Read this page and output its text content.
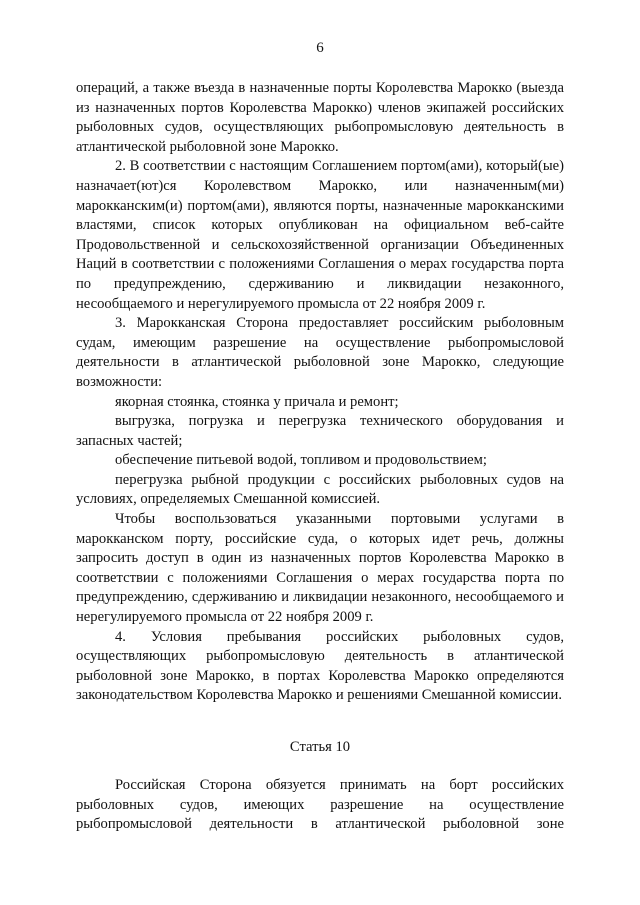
6

операций, а также въезда в назначенные порты Королевства Марокко (выезда из назначенных портов Королевства Марокко) членов экипажей российских рыболовных судов, осуществляющих рыбопромысловую деятельность в атлантической рыболовной зоне Марокко.

2. В соответствии с настоящим Соглашением портом(ами), который(ые) назначает(ют)ся Королевством Марокко, или назначенным(ми) марокканским(и) портом(ами), являются порты, назначенные марокканскими властями, список которых опубликован на официальном веб-сайте Продовольственной и сельскохозяйственной организации Объединенных Наций в соответствии с положениями Соглашения о мерах государства порта по предупреждению, сдерживанию и ликвидации незаконного, несообщаемого и нерегулируемого промысла от 22 ноября 2009 г.

3. Марокканская Сторона предоставляет российским рыболовным судам, имеющим разрешение на осуществление рыбопромысловой деятельности в атлантической рыболовной зоне Марокко, следующие возможности:

якорная стоянка, стоянка у причала и ремонт;

выгрузка, погрузка и перегрузка технического оборудования и запасных частей;

обеспечение питьевой водой, топливом и продовольствием;

перегрузка рыбной продукции с российских рыболовных судов на условиях, определяемых Смешанной комиссией.

Чтобы воспользоваться указанными портовыми услугами в марокканском порту, российские суда, о которых идет речь, должны запросить доступ в один из назначенных портов Королевства Марокко в соответствии с положениями Соглашения о мерах государства порта по предупреждению, сдерживанию и ликвидации незаконного, несообщаемого и нерегулируемого промысла от 22 ноября 2009 г.

4. Условия пребывания российских рыболовных судов, осуществляющих рыбопромысловую деятельность в атлантической рыболовной зоне Марокко, в портах Королевства Марокко определяются законодательством Королевства Марокко и решениями Смешанной комиссии.

Статья 10

Российская Сторона обязуется принимать на борт российских рыболовных судов, имеющих разрешение на осуществление рыбопромысловой деятельности в атлантической рыболовной зоне
